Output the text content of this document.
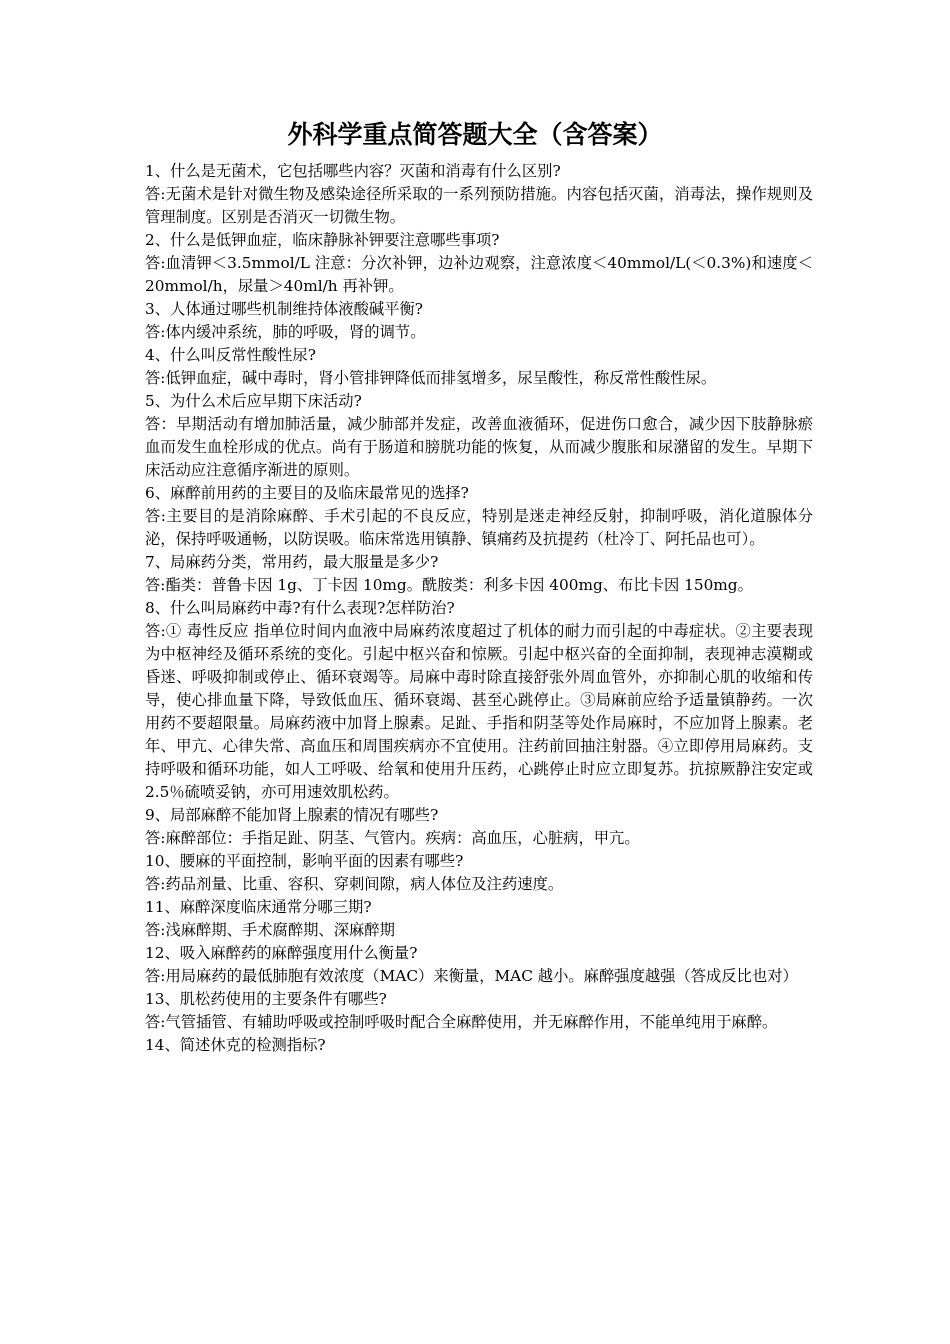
外科学重点简答题大全（含答案）

1、什么是无菌术，它包括哪些内容？灭菌和消毒有什么区别?

答:无菌术是针对微生物及感染途径所采取的一系列预防措施。内容包括灭菌，消毒法，操作规则及管理制度。区别是否消灭一切微生物。

2、什么是低钾血症，临床静脉补钾要注意哪些事项?

答:血清钾＜3.5mmol/L 注意：分次补钾，边补边观察，注意浓度＜40mmol/L(＜0.3%)和速度＜20mmol/h，尿量＞40ml/h 再补钾。

3、人体通过哪些机制维持体液酸碱平衡?

答:体内缓冲系统，肺的呼吸，肾的调节。

4、什么叫反常性酸性尿?

答:低钾血症，碱中毒时，肾小管排钾降低而排氢增多，尿呈酸性，称反常性酸性尿。

5、为什么术后应早期下床活动?

答：早期活动有增加肺活量，减少肺部并发症，改善血液循环，促进伤口愈合，减少因下肢静脉瘀血而发生血栓形成的优点。尚有于肠道和膀胱功能的恢复，从而减少腹胀和尿潴留的发生。早期下床活动应注意循序渐进的原则。

6、麻醉前用药的主要目的及临床最常见的选择?

答:主要目的是消除麻醉、手术引起的不良反应，特别是迷走神经反射，抑制呼吸，消化道腺体分泌，保持呼吸通畅，以防误吸。临床常选用镇静、镇痛药及抗提药（杜冷丁、阿托品也可）。

7、局麻药分类，常用药，最大服量是多少?

答:酯类：普鲁卡因 1g、丁卡因 10mg。酰胺类：利多卡因 400mg、布比卡因 150mg。

8、什么叫局麻药中毒?有什么表现?怎样防治?

答:① 毒性反应 指单位时间内血液中局麻药浓度超过了机体的耐力而引起的中毒症状。②主要表现为中枢神经及循环系统的变化。引起中枢兴奋和惊厥。引起中枢兴奋的全面抑制，表现神志漠糊或昏迷、呼吸抑制或停止、循环衰竭等。局麻中毒时除直接舒张外周血管外，亦抑制心肌的收缩和传导，使心排血量下降，导致低血压、循环衰竭、甚至心跳停止。③局麻前应给予适量镇静药。一次用药不要超限量。局麻药液中加肾上腺素。足趾、手指和阴茎等处作局麻时，不应加肾上腺素。老年、甲亢、心律失常、高血压和周围疾病亦不宜使用。注药前回抽注射器。④立即停用局麻药。支持呼吸和循环功能，如人工呼吸、给氧和使用升压药，心跳停止时应立即复苏。抗掠厥静注安定或 2.5％硫喷妥钠，亦可用速效肌松药。

9、局部麻醉不能加肾上腺素的情况有哪些?

答:麻醉部位：手指足趾、阴茎、气管内。疾病：高血压，心脏病，甲亢。

10、腰麻的平面控制，影响平面的因素有哪些?

答:药品剂量、比重、容积、穿刺间隙，病人体位及注药速度。

11、麻醉深度临床通常分哪三期?

答:浅麻醉期、手术腐醉期、深麻醉期

12、吸入麻醉药的麻醉强度用什么衡量?

答:用局麻药的最低肺胞有效浓度（MAC）来衡量，MAC 越小。麻醉强度越强（答成反比也对）

13、肌松药使用的主要条件有哪些?

答:气管插管、有辅助呼吸或控制呼吸时配合全麻醉使用，并无麻醉作用，不能单纯用于麻醉。

14、简述休克的检测指标?
